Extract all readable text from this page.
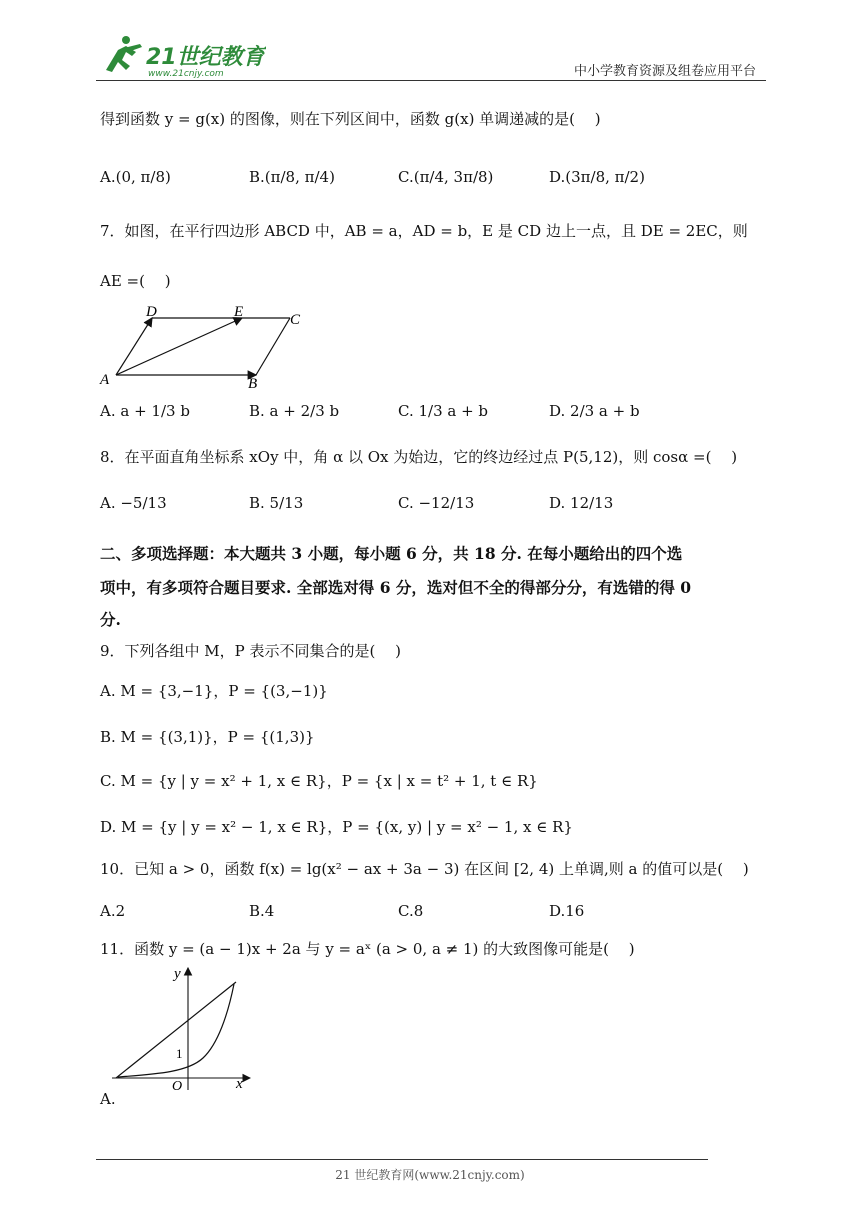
21世纪教育
www.21cnjy.com	中小学教育资源及组卷应用平台
得到函数 y = g(x) 的图像，则在下列区间中，函数 g(x) 单调递减的是(　 )
A.(0, π/8)	B.(π/8, π/4)	C.(π/4, 3π/8)	D.(3π/8, π/2)
7．如图，在平行四边形 ABCD 中，AB = a，AD = b，E 是 CD 边上一点，且 DE = 2EC，则
AE =(　 )
D	E	C
A	B
A. a + 1/3 b	B. a + 2/3 b	C. 1/3 a + b	D. 2/3 a + b
8．在平面直角坐标系 xOy 中，角 α 以 Ox 为始边，它的终边经过点 P(5,12)，则 cosα =(　 )
A. −5/13	B. 5/13	C. −12/13	D. 12/13
二、多项选择题：本大题共 3 小题，每小题 6 分，共 18 分. 在每小题给出的四个选
项中，有多项符合题目要求. 全部选对得 6 分，选对但不全的得部分分，有选错的得 0
分.
9．下列各组中 M，P 表示不同集合的是(　 )
A. M = {3,−1}，P = {(3,−1)}
B. M = {(3,1)}，P = {(1,3)}
C. M = {y | y = x² + 1, x ∈ R}，P = {x | x = t² + 1, t ∈ R}
D. M = {y | y = x² − 1, x ∈ R}，P = {(x, y) | y = x² − 1, x ∈ R}
10．已知 a > 0，函数 f(x) = lg(x² − ax + 3a − 3) 在区间 [2, 4) 上单调,则 a 的值可以是(　 )
A.2	B.4	C.8	D.16
11．函数 y = (a − 1)x + 2a 与 y = aˣ (a > 0, a ≠ 1) 的大致图像可能是(　 )
y
1
O	x
A.
21 世纪教育网(www.21cnjy.com)
